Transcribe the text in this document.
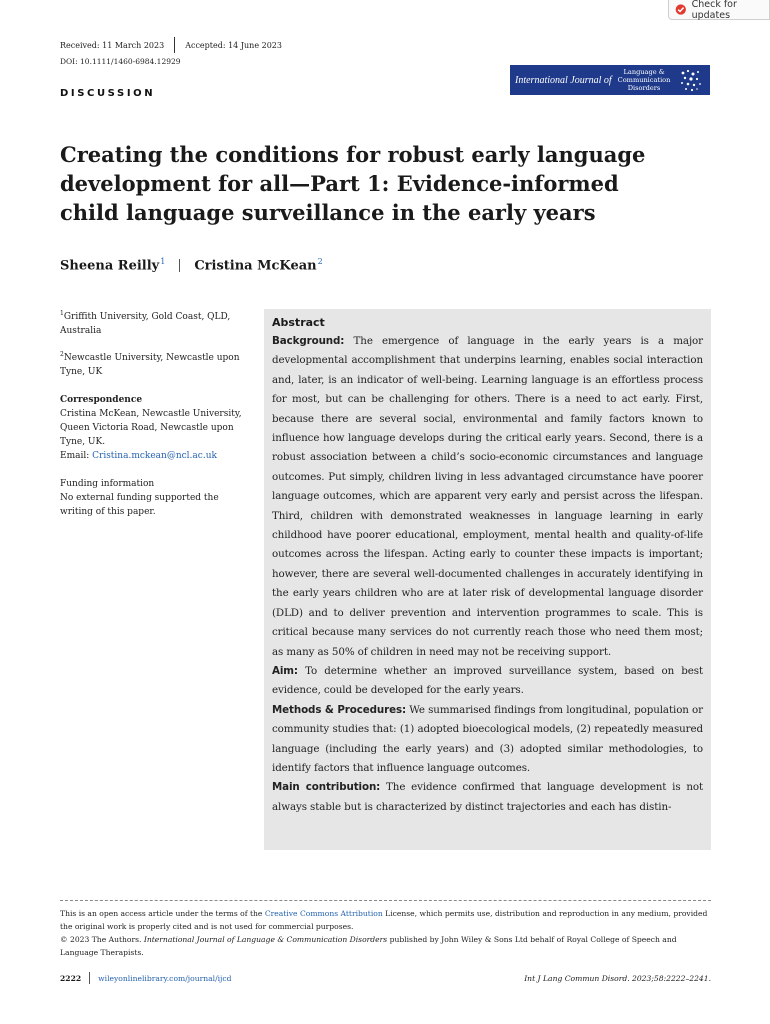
Check for updates
Received: 11 March 2023	Accepted: 14 June 2023
DOI: 10.1111/1460-6984.12929
DISCUSSION
International Journal of
Language &
Communication
Disorders
Creating the conditions for robust early language development for all—Part 1: Evidence-informed child language surveillance in the early years
Sheena Reilly$^1$ Cristina McKean$^2$
$^1$Griffith University, Gold Coast, QLD, Australia
$^2$Newcastle University, Newcastle upon Tyne, UK
Correspondence
Cristina McKean, Newcastle University, Queen Victoria Road, Newcastle upon Tyne, UK.
Email: Cristina.mckean@ncl.ac.uk
Funding information
No external funding supported the writing of this paper.
Abstract

Background: The emergence of language in the early years is a major developmental accomplishment that underpins learning, enables social interaction and, later, is an indicator of well-being. Learning language is an effortless process for most, but can be challenging for others. There is a need to act early. First, because there are several social, environmental and family factors known to influence how language develops during the critical early years. Second, there is a robust association between a child’s socio-economic circumstances and language outcomes. Put simply, children living in less advantaged circumstance have poorer language outcomes, which are apparent very early and persist across the lifespan. Third, children with demonstrated weaknesses in language learning in early childhood have poorer educational, employment, mental health and quality-of-life outcomes across the lifespan. Acting early to counter these impacts is important; however, there are several well-documented challenges in accurately identifying in the early years children who are at later risk of developmental language disorder (DLD) and to deliver prevention and intervention programmes to scale. This is critical because many services do not currently reach those who need them most; as many as 50% of children in need may not be receiving support.

Aim: To determine whether an improved surveillance system, based on best evidence, could be developed for the early years.

Methods & Procedures: We summarised findings from longitudinal, population or community studies that: (1) adopted bioecological models, (2) repeatedly measured language (including the early years) and (3) adopted similar methodologies, to identify factors that influence language outcomes.

Main contribution: The evidence confirmed that language development is not always stable but is characterized by distinct trajectories and each has distin-

This is an open access article under the terms of the Creative Commons Attribution License, which permits use, distribution and reproduction in any medium, provided the original work is properly cited and is not used for commercial purposes.
© 2023 The Authors. International Journal of Language & Communication Disorders published by John Wiley & Sons Ltd behalf of Royal College of Speech and Language Therapists.
2222 wileyonlinelibrary.com/journal/ijcd	Int J Lang Commun Disord. 2023;58:2222–2241.
